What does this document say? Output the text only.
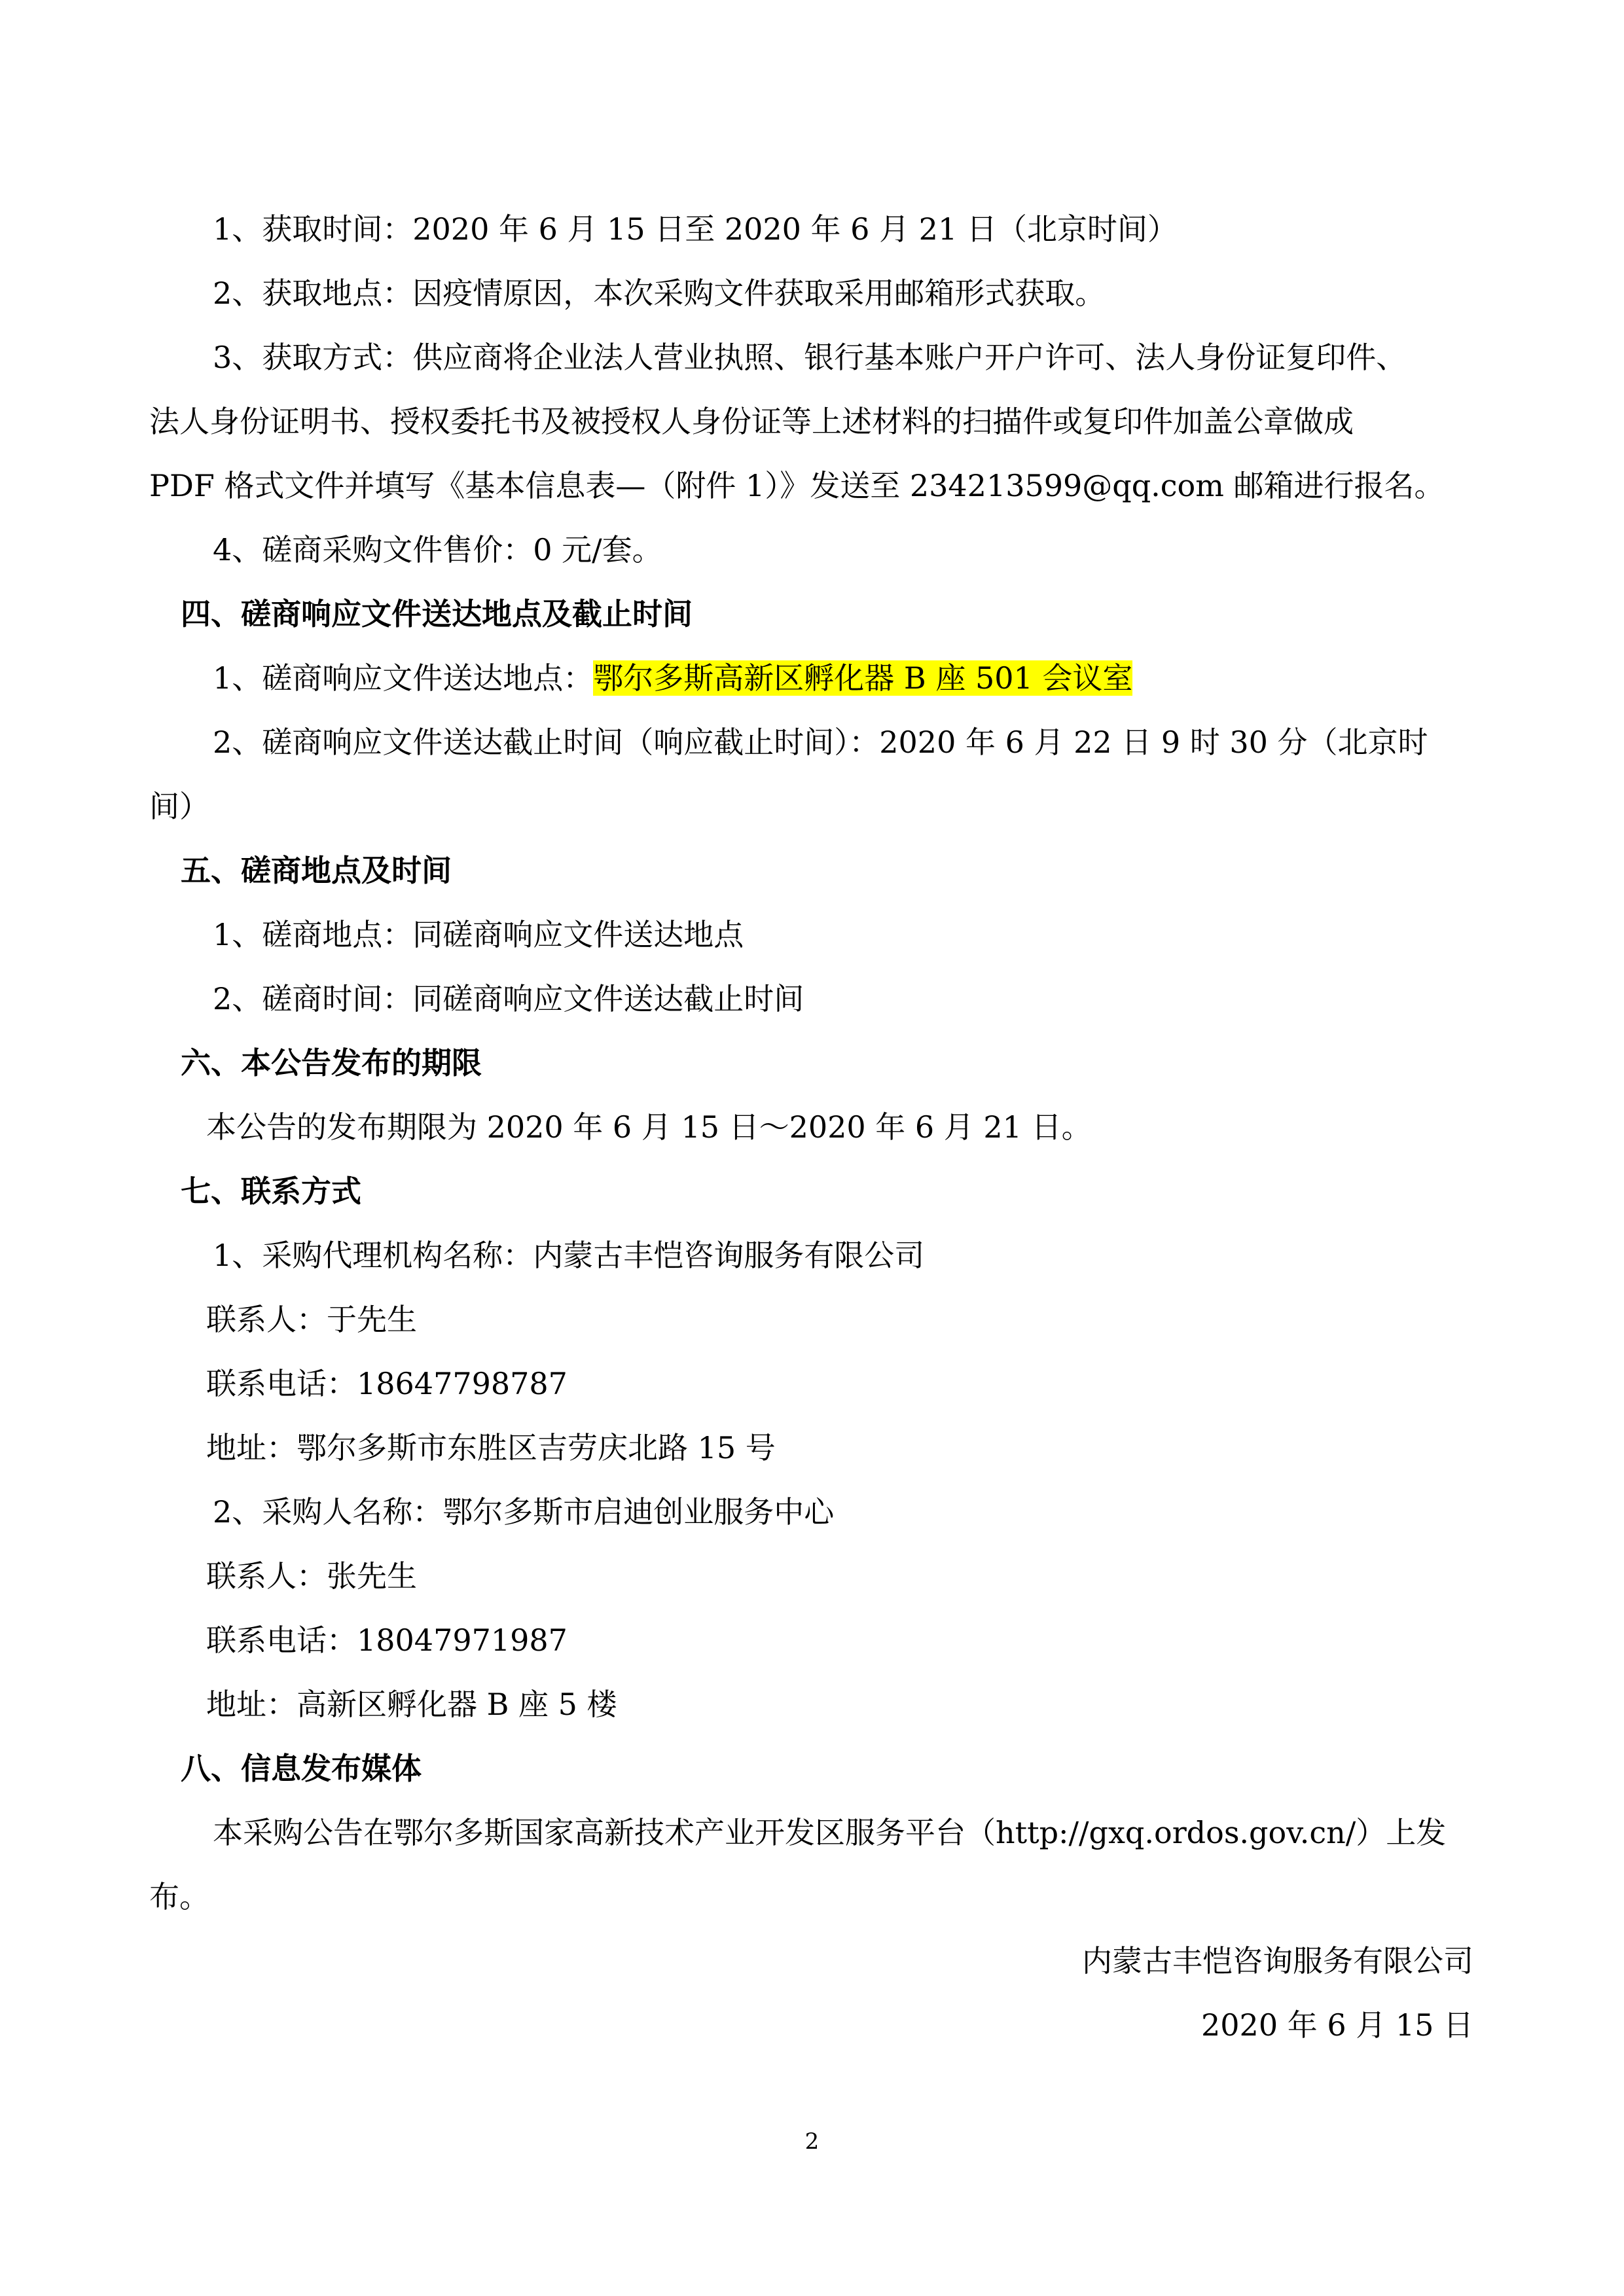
1、获取时间：2020 年 6 月 15 日至 2020 年 6 月 21 日（北京时间）
2、获取地点：因疫情原因，本次采购文件获取采用邮箱形式获取。
3、获取方式：供应商将企业法人营业执照、银行基本账户开户许可、法人身份证复印件、
法人身份证明书、授权委托书及被授权人身份证等上述材料的扫描件或复印件加盖公章做成
PDF 格式文件并填写《基本信息表—（附件 1）》发送至 234213599@qq.com 邮箱进行报名。
4、磋商采购文件售价：0 元/套。
四、磋商响应文件送达地点及截止时间
1、磋商响应文件送达地点：鄂尔多斯高新区孵化器 B 座 501 会议室
2、磋商响应文件送达截止时间（响应截止时间）：2020 年 6 月 22 日 9 时 30 分（北京时
间）
五、磋商地点及时间
1、磋商地点：同磋商响应文件送达地点
2、磋商时间：同磋商响应文件送达截止时间
六、本公告发布的期限
本公告的发布期限为 2020 年 6 月 15 日～2020 年 6 月 21 日。
七、联系方式
1、采购代理机构名称：内蒙古丰恺咨询服务有限公司
联系人：于先生
联系电话：18647798787
地址：鄂尔多斯市东胜区吉劳庆北路 15 号
2、采购人名称：鄂尔多斯市启迪创业服务中心
联系人：张先生
联系电话：18047971987
地址：高新区孵化器 B 座 5 楼
八、信息发布媒体
本采购公告在鄂尔多斯国家高新技术产业开发区服务平台（http://gxq.ordos.gov.cn/）上发
布。
内蒙古丰恺咨询服务有限公司
2020 年 6 月 15 日
2
